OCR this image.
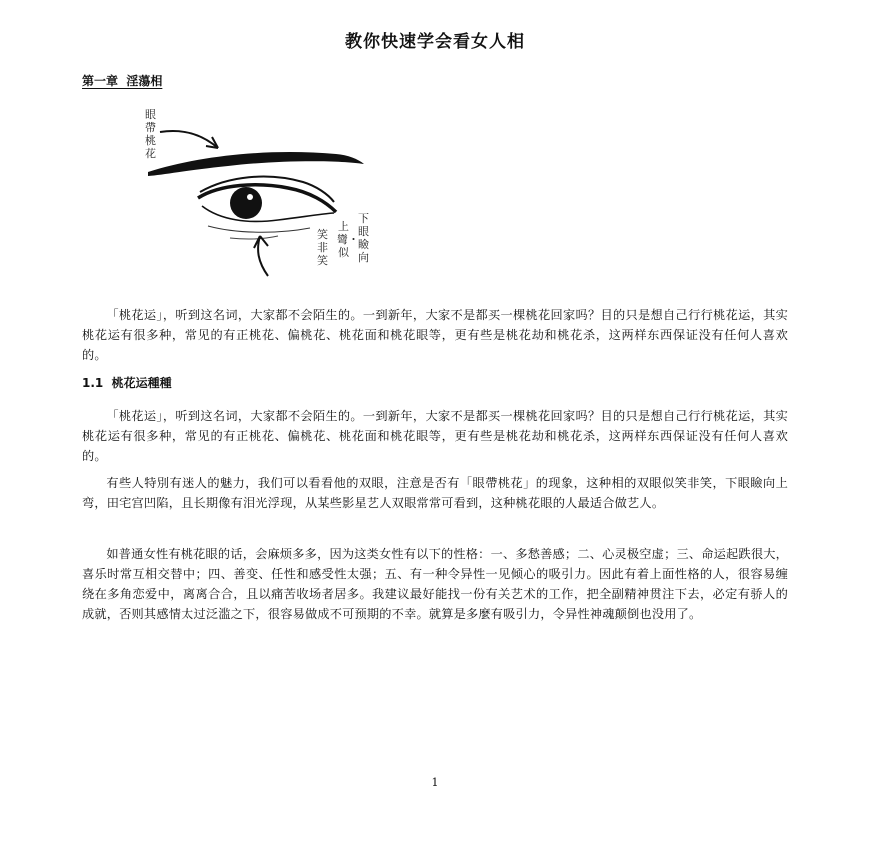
教你快速学会看女人相
第一章  淫蕩相
眼帶桃花
笑非笑
上彎・似
下眼瞼向

「桃花运」，听到这名词，大家都不会陌生的。一到新年，大家不是都买一棵桃花回家吗？目的只是想自己行行桃花运，其实桃花运有很多种，常见的有正桃花、偏桃花、桃花面和桃花眼等，更有些是桃花劫和桃花杀，这两样东西保证没有任何人喜欢的。

1.1  桃花运種種

「桃花运」，听到这名词，大家都不会陌生的。一到新年，大家不是都买一棵桃花回家吗？目的只是想自己行行桃花运，其实桃花运有很多种，常见的有正桃花、偏桃花、桃花面和桃花眼等，更有些是桃花劫和桃花杀，这两样东西保证没有任何人喜欢的。

有些人特別有迷人的魅力，我们可以看看他的双眼，注意是否有「眼帶桃花」的现象，这种相的双眼似笑非笑，下眼瞼向上弯，田宅宫凹陷，且长期像有泪光浮现，从某些影星艺人双眼常常可看到，这种桃花眼的人最适合做艺人。

如普通女性有桃花眼的话，会麻烦多多，因为这类女性有以下的性格：一、多愁善感；二、心灵极空虚；三、命运起跌很大，喜乐时常互相交替中；四、善变、任性和感受性太强；五、有一种令异性一见倾心的吸引力。因此有着上面性格的人，很容易缠绕在多角恋爱中，离离合合，且以痛苦收场者居多。我建议最好能找一份有关艺术的工作，把全副精神贯注下去，必定有骄人的成就，否则其感情太过泛滥之下，很容易做成不可预期的不幸。就算是多麼有吸引力，令异性神魂颠倒也没用了。

1
